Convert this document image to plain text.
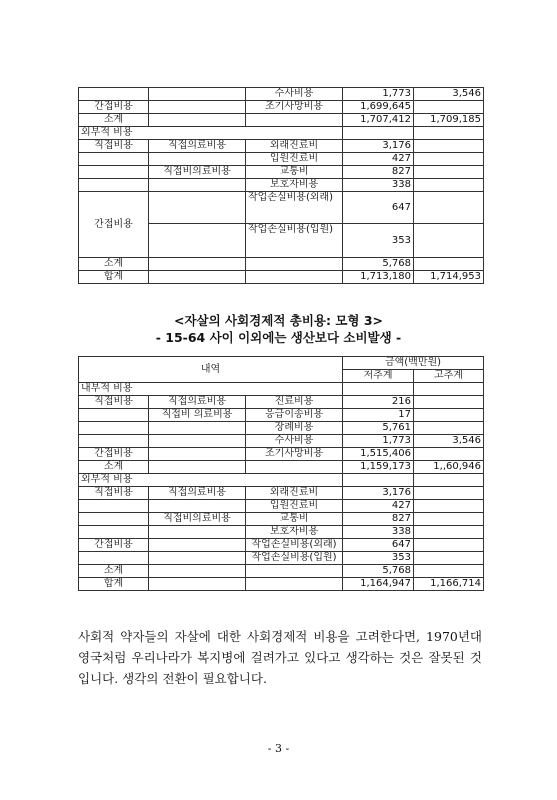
		수사비용	1,773	3,546
간접비용		조기사망비용	1,699,645	
소계			1,707,412	1,709,185
외부적 비용				
직접비용	직접의료비용	외래진료비	3,176	
		입원진료비	427	
	직접비의료비용	교통비	827	
		보호자비용	338	
간접비용		작업손실비용(외래)	647	
		작업손실비용(입원)	353	
소계			5,768	
합계			1,713,180	1,714,953
<자살의 사회경제적 총비용: 모형 3>
- 15-64 사이 이외에는 생산보다 소비발생 -
내역			금액(백만원)	
			저추계	고추계
내부적 비용				
직접비용	직접의료비용	진료비용	216	
	직접비 의료비용	응급이송비용	17	
		장례비용	5,761	
		수사비용	1,773	3,546
간접비용		조기사망비용	1,515,406	
소계			1,159,173	1,,60,946
외부적 비용				
직접비용	직접의료비용	외래진료비	3,176	
		입원진료비	427	
	직접비의료비용	교통비	827	
		보호자비용	338	
간접비용		작업손실비용(외래)	647	
		작업손실비용(입원)	353	
소계			5,768	
합계			1,164,947	1,166,714
사회적 약자들의 자살에 대한 사회경제적 비용을 고려한다면, 1970년대 영국처럼 우리나라가 복지병에 걸려가고 있다고 생각하는 것은 잘못된 것입니다. 생각의 전환이 필요합니다.
- 3 -
